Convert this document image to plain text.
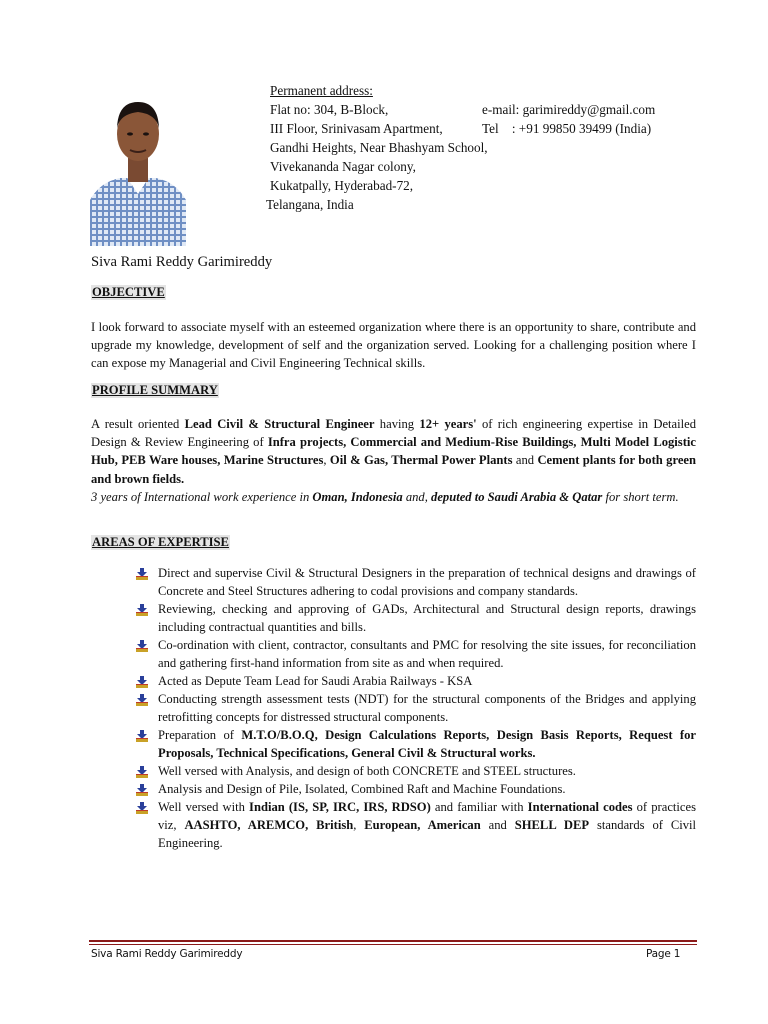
Permanent address:
Flat no: 304, B-Block,
III Floor, Srinivasam Apartment,
Gandhi Heights, Near Bhashyam School,
Vivekananda Nagar colony,
Kukatpally, Hyderabad-72,
Telangana, India
e-mail: garimireddy@gmail.com
Tel    : +91 99850 39499 (India)
Siva Rami Reddy Garimireddy
OBJECTIVE

I look forward to associate myself with an esteemed organization where there is an opportunity to share, contribute and upgrade my knowledge, development of self and the organization served. Looking for a challenging position where I can expose my Managerial and Civil Engineering Technical skills.

PROFILE SUMMARY

A result oriented Lead Civil & Structural Engineer having 12+ years' of rich engineering expertise in Detailed Design & Review Engineering of Infra projects, Commercial and Medium-Rise Buildings, Multi Model Logistic Hub, PEB Ware houses, Marine Structures, Oil & Gas, Thermal Power Plants and Cement plants for both green and brown fields.

3 years of International work experience in Oman, Indonesia and, deputed to Saudi Arabia & Qatar for short term.

AREAS OF EXPERTISE
Direct and supervise Civil & Structural Designers in the preparation of technical designs and drawings of Concrete and Steel Structures adhering to codal provisions and company standards.
Reviewing, checking and approving of GADs, Architectural and Structural design reports, drawings including contractual quantities and bills.
Co-ordination with client, contractor, consultants and PMC for resolving the site issues, for reconciliation and gathering first-hand information from site as and when required.
Acted as Depute Team Lead for Saudi Arabia Railways - KSA
Conducting strength assessment tests (NDT) for the structural components of the Bridges and applying retrofitting concepts for distressed structural components.
Preparation of M.T.O/B.O.Q, Design Calculations Reports, Design Basis Reports, Request for Proposals, Technical Specifications, General Civil & Structural works.
Well versed with Analysis, and design of both CONCRETE and STEEL structures.
Analysis and Design of Pile, Isolated, Combined Raft and Machine Foundations.
Well versed with Indian (IS, SP, IRC, IRS, RDSO) and familiar with International codes of practices viz, AASHTO, AREMCO, British, European, American and SHELL DEP standards of Civil Engineering.
Siva Rami Reddy Garimireddy	Page 1
